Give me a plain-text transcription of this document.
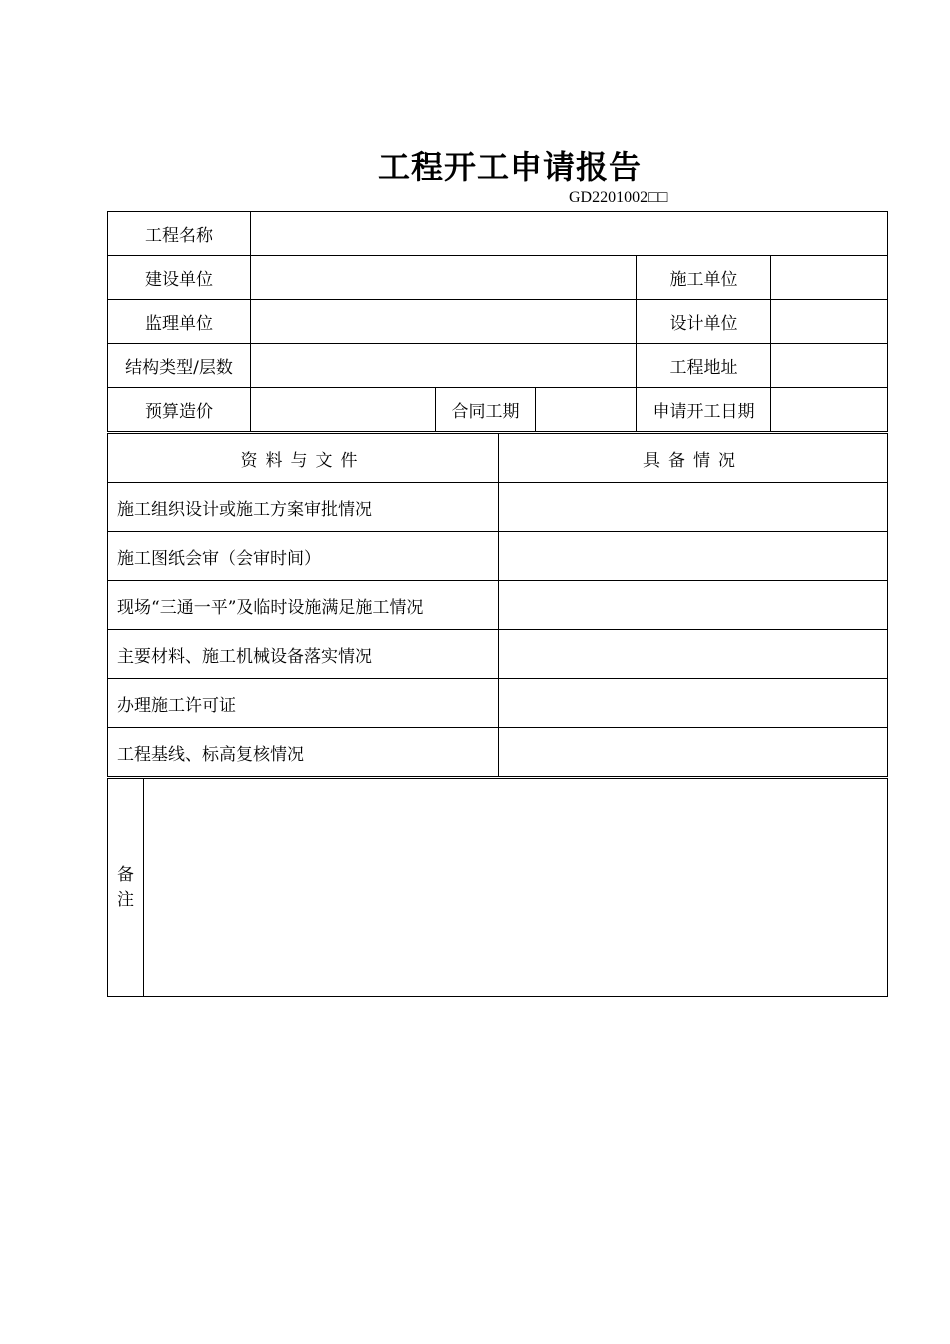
工程开工申请报告
GD2201002□□
工程名称					
建设单位				施工单位	
监理单位				设计单位	
结构类型/层数				工程地址	
预算造价		合同工期		申请开工日期	
资料与文件	具备情况
施工组织设计或施工方案审批情况	
施工图纸会审（会审时间）	
现场“三通一平”及临时设施满足施工情况	
主要材料、施工机械设备落实情况	
办理施工许可证	
工程基线、标高复核情况	
备
注
